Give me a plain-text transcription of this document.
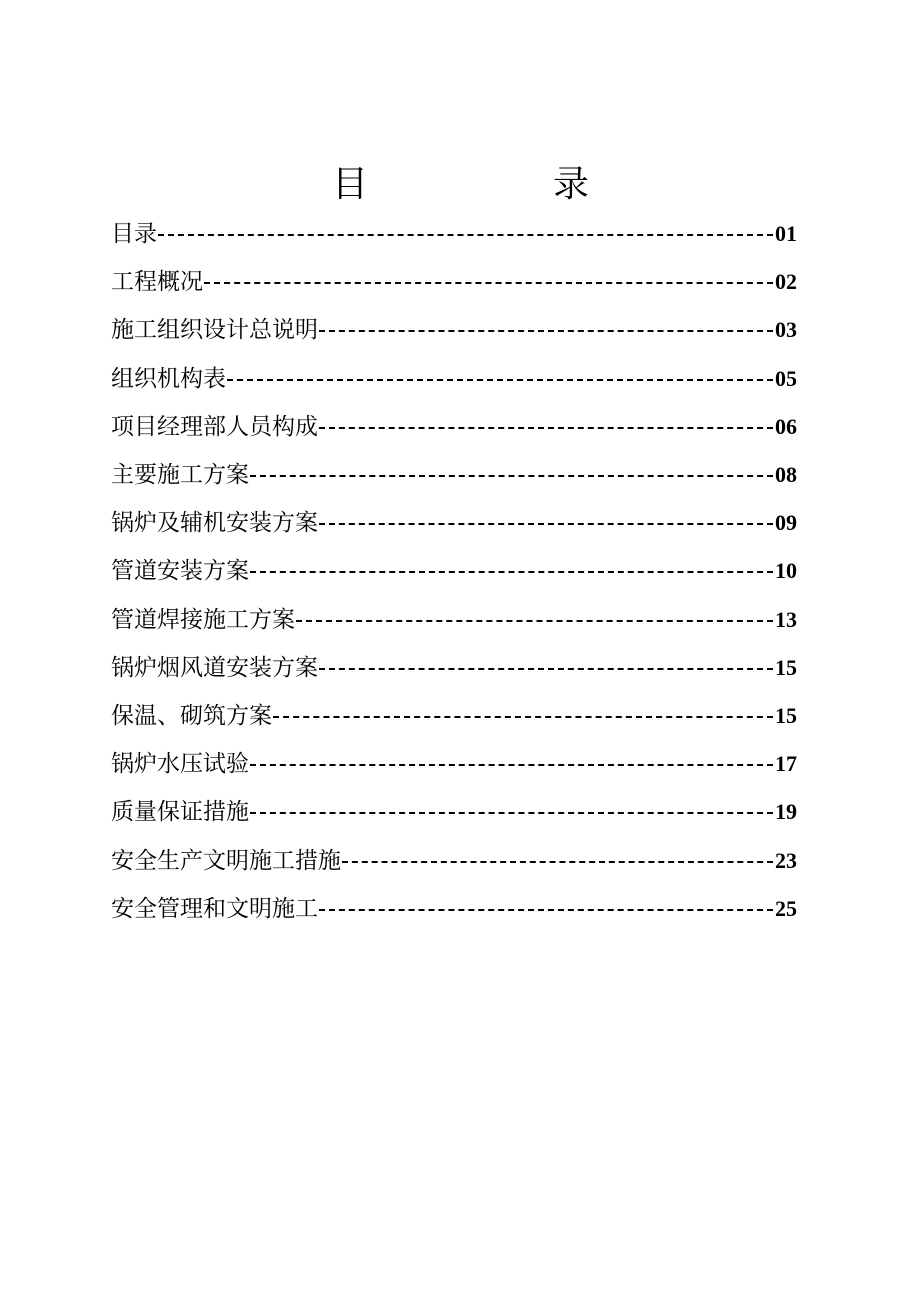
目	录
目录	01
工程概况	02
施工组织设计总说明	03
组织机构表	05
项目经理部人员构成	06
主要施工方案	08
锅炉及辅机安装方案	09
管道安装方案	10
管道焊接施工方案	13
锅炉烟风道安装方案	15
保温、砌筑方案	15
锅炉水压试验	17
质量保证措施	19
安全生产文明施工措施	23
安全管理和文明施工	25
